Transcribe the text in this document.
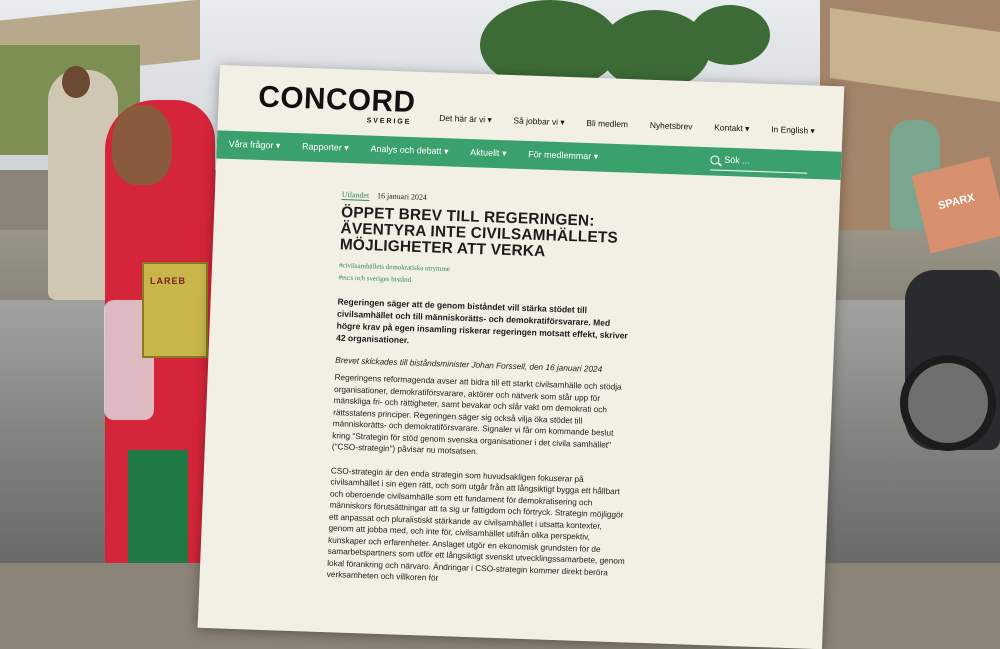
SPARX
LAREB
CONCORD
SVERIGE	Det här är vi ▾	Så jobbar vi ▾	Bli medlem	Nyhetsbrev	Kontakt ▾	In English ▾
Våra frågor ▾ Rapporter ▾ Analys och debatt ▾ Aktuellt ▾ För medlemmar ▾	Sök ...
Utlandet 16 januari 2024
ÖPPET BREV TILL REGERINGEN: ÄVENTYRA INTE CIVILSAMHÄLLETS MÖJLIGHETER ATT VERKA
#civilsamhällets demokratiska utrymme
#eu:s och sveriges bistånd
Regeringen säger att de genom biståndet vill stärka stödet till civilsamhället och till människorätts- och demokratiförsvarare. Med högre krav på egen insamling riskerar regeringen motsatt effekt, skriver 42 organisationer.
Brevet skickades till biståndsminister Johan Forssell, den 16 januari 2024
Regeringens reformagenda avser att bidra till ett starkt civilsamhälle och stödja organisationer, demokratiförsvarare, aktörer och nätverk som står upp för mänskliga fri- och rättigheter, samt bevakar och slår vakt om demokrati och rättsstatens principer. Regeringen säger sig också vilja öka stödet till människorätts- och demokratiförsvarare. Signaler vi får om kommande beslut kring "Strategin för stöd genom svenska organisationer i det civila samhället" ("CSO-strategin") påvisar nu motsatsen.
CSO-strategin är den enda strategin som huvudsakligen fokuserar på civilsamhället i sin egen rätt, och som utgår från att långsiktigt bygga ett hållbart och oberoende civilsamhälle som ett fundament för demokratisering och människors förutsättningar att ta sig ur fattigdom och förtryck. Strategin möjliggör ett anpassat och pluralistiskt stärkande av civilsamhället i utsatta kontexter, genom att jobba med, och inte för, civilsamhället utifrån olika perspektiv, kunskaper och erfarenheter. Anslaget utgör en ekonomisk grundsten för de samarbetspartners som utför ett långsiktigt svenskt utvecklingssamarbete, genom lokal förankring och närvaro. Ändringar i CSO-strategin kommer direkt beröra verksamheten och villkoren för
